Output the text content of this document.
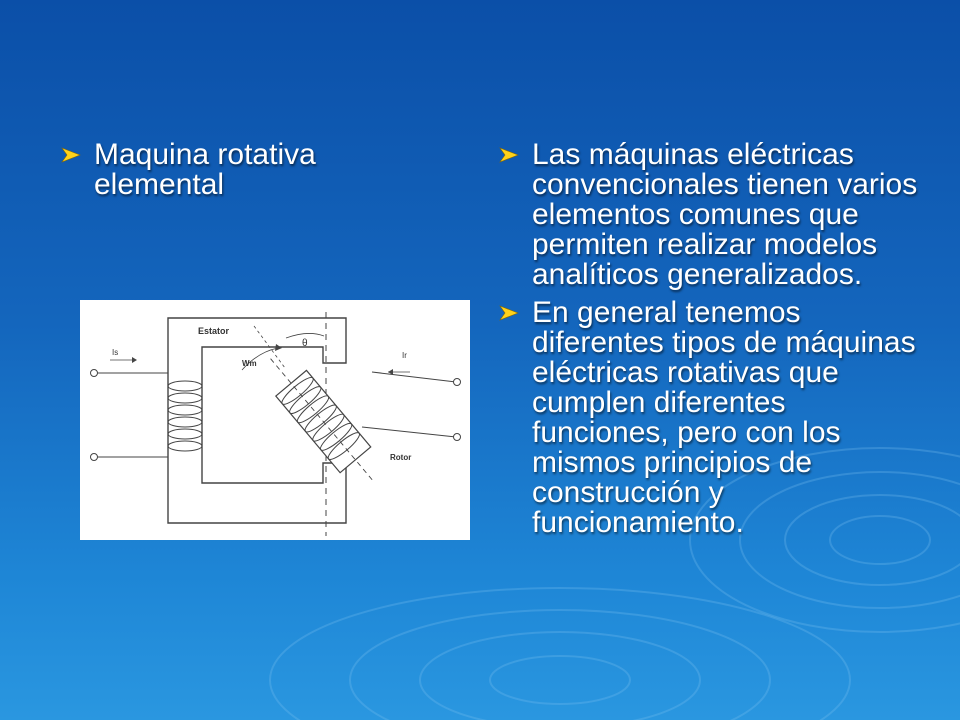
Maquina rotativa elemental
Las máquinas eléctricas convencionales tienen varios elementos comunes que permiten realizar modelos analíticos generalizados.
En general tenemos diferentes tipos de máquinas eléctricas rotativas que cumplen diferentes funciones, pero con los mismos principios de construcción y funcionamiento.
Is	Ir
Estator
θ
Wm
Rotor
